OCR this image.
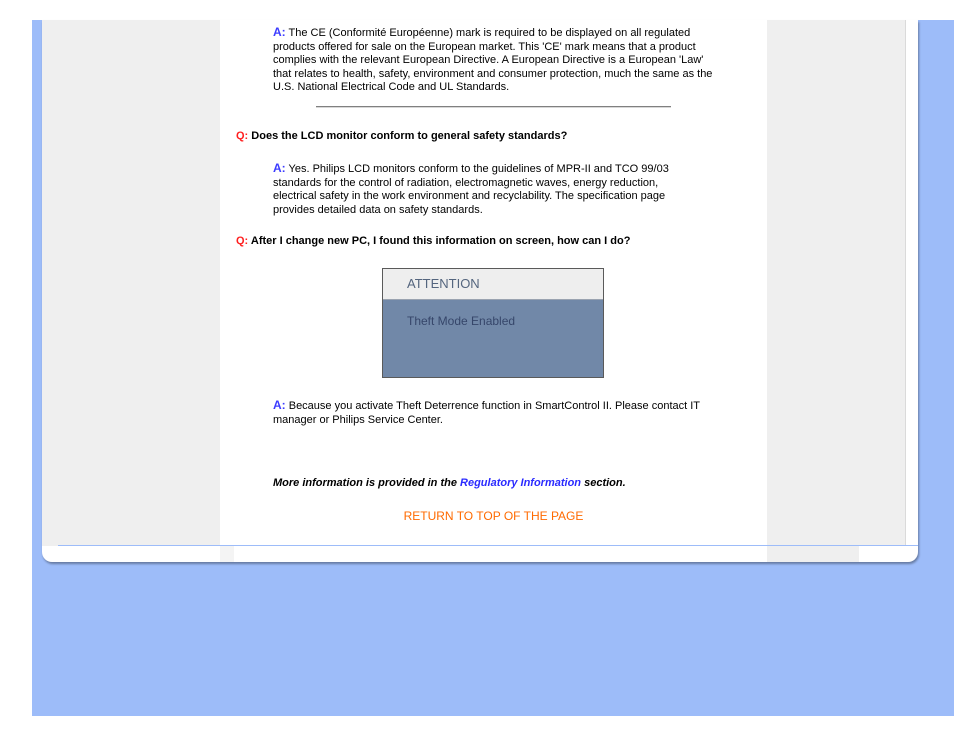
A: The CE (Conformité Européenne) mark is required to be displayed on all regulated products offered for sale on the European market. This 'CE' mark means that a product complies with the relevant European Directive. A European Directive is a European 'Law' that relates to health, safety, environment and consumer protection, much the same as the U.S. National Electrical Code and UL Standards.

Q: Does the LCD monitor conform to general safety standards?

A: Yes. Philips LCD monitors conform to the guidelines of MPR-II and TCO 99/03 standards for the control of radiation, electromagnetic waves, energy reduction, electrical safety in the work environment and recyclability. The specification page provides detailed data on safety standards.

Q: After I change new PC, I found this information on screen, how can I do?

ATTENTION
Theft Mode Enabled

A: Because you activate Theft Deterrence function in SmartControl II. Please contact IT manager or Philips Service Center.

More information is provided in the Regulatory Information section.

RETURN TO TOP OF THE PAGE
